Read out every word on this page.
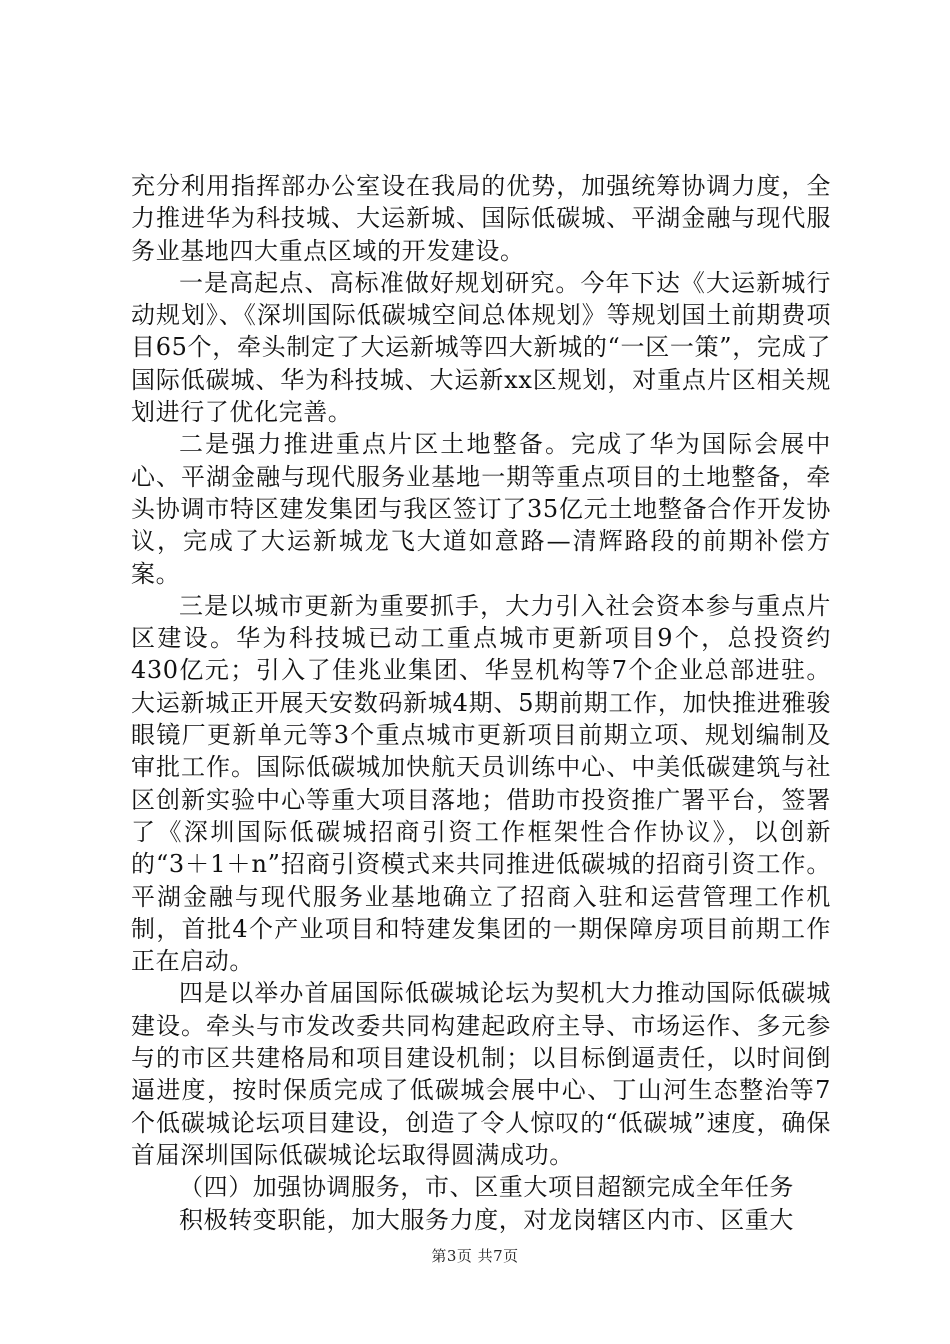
充分利用指挥部办公室设在我局的优势，加强统筹协调力度，全力推进华为科技城、大运新城、国际低碳城、平湖金融与现代服务业基地四大重点区域的开发建设。

一是高起点、高标准做好规划研究。今年下达《大运新城行动规划》、《深圳国际低碳城空间总体规划》等规划国土前期费项目65个，牵头制定了大运新城等四大新城的“一区一策”，完成了国际低碳城、华为科技城、大运新xx区规划，对重点片区相关规划进行了优化完善。

二是强力推进重点片区土地整备。完成了华为国际会展中心、平湖金融与现代服务业基地一期等重点项目的土地整备，牵头协调市特区建发集团与我区签订了35亿元土地整备合作开发协议，完成了大运新城龙飞大道如意路—清辉路段的前期补偿方案。

三是以城市更新为重要抓手，大力引入社会资本参与重点片区建设。华为科技城已动工重点城市更新项目9个，总投资约430亿元；引入了佳兆业集团、华昱机构等7个企业总部进驻。大运新城正开展天安数码新城4期、5期前期工作，加快推进雅骏眼镜厂更新单元等3个重点城市更新项目前期立项、规划编制及审批工作。国际低碳城加快航天员训练中心、中美低碳建筑与社区创新实验中心等重大项目落地；借助市投资推广署平台，签署了《深圳国际低碳城招商引资工作框架性合作协议》，以创新的“3＋1＋n”招商引资模式来共同推进低碳城的招商引资工作。平湖金融与现代服务业基地确立了招商入驻和运营管理工作机制，首批4个产业项目和特建发集团的一期保障房项目前期工作正在启动。

四是以举办首届国际低碳城论坛为契机大力推动国际低碳城建设。牵头与市发改委共同构建起政府主导、市场运作、多元参与的市区共建格局和项目建设机制；以目标倒逼责任，以时间倒逼进度，按时保质完成了低碳城会展中心、丁山河生态整治等7个低碳城论坛项目建设，创造了令人惊叹的“低碳城”速度，确保首届深圳国际低碳城论坛取得圆满成功。

（四）加强协调服务，市、区重大项目超额完成全年任务

积极转变职能，加大服务力度，对龙岗辖区内市、区重大

第3页 共7页
